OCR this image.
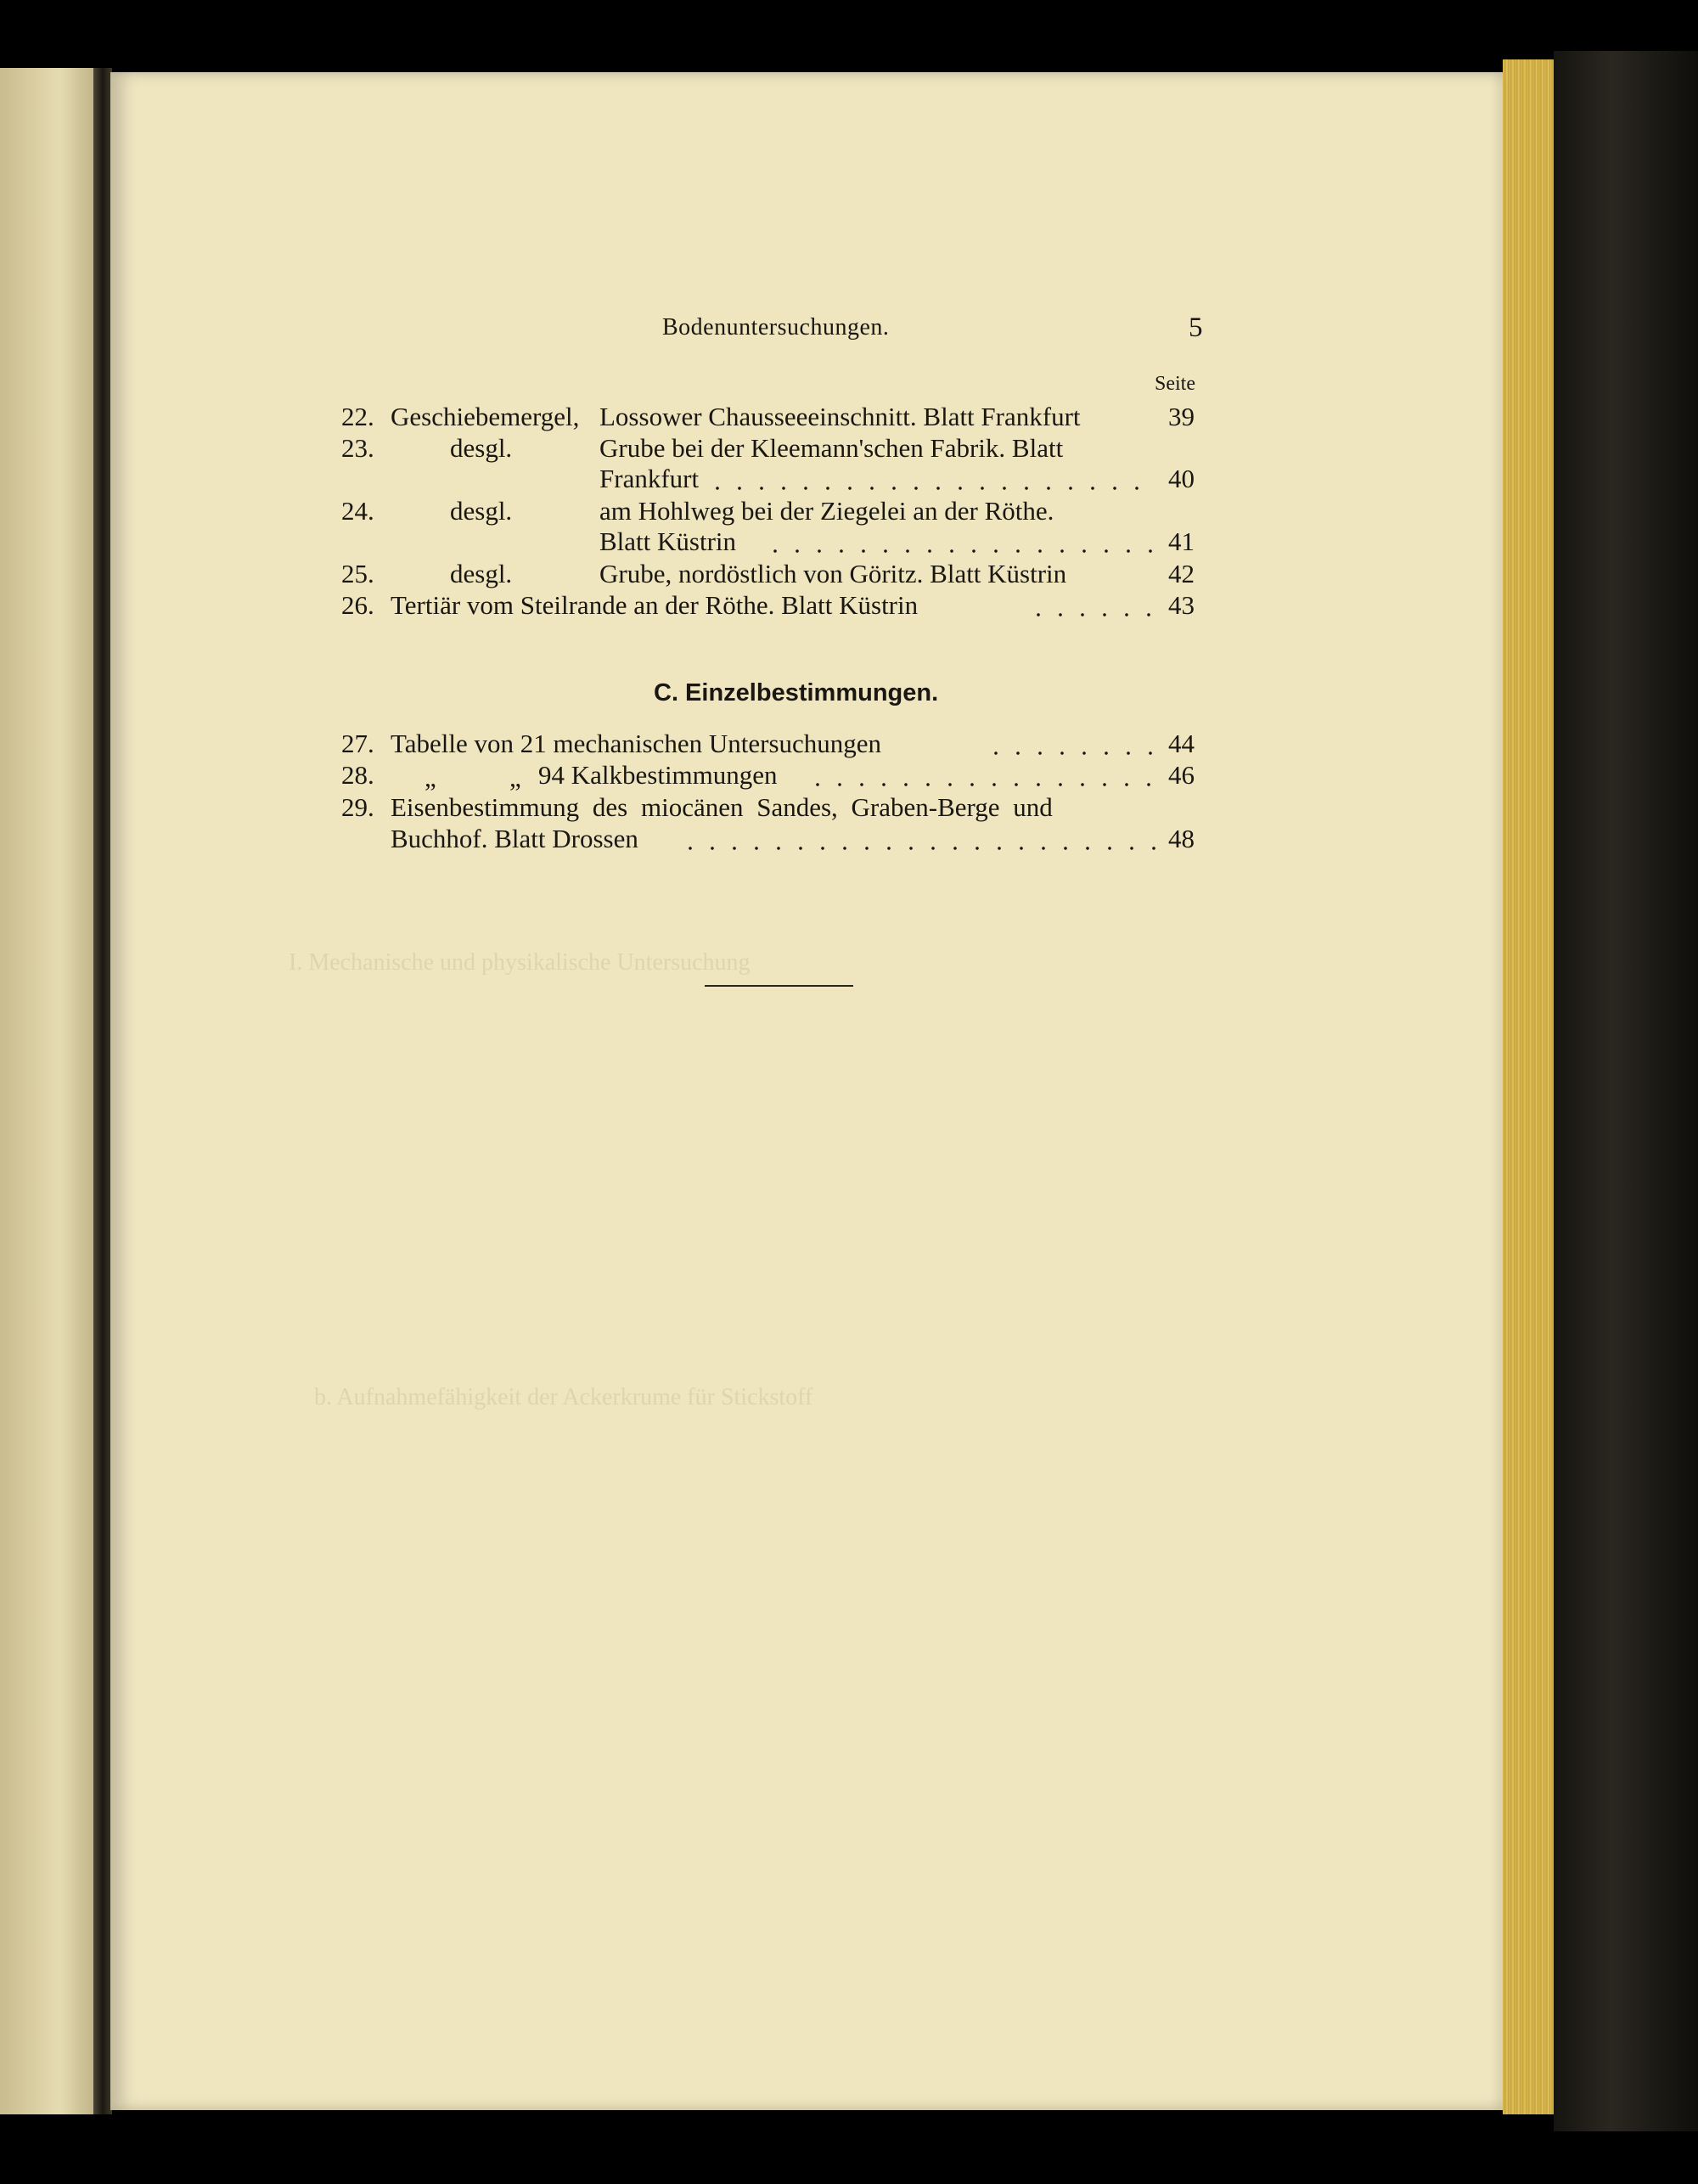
I. Mechanische und physikalische Untersuchung
b. Aufnahmefähigkeit der Ackerkrume für Stickstoff
Bodenuntersuchungen.	5
Seite
22. Geschiebemergel, Lossower Chausseeeinschnitt. Blatt Frankfurt	39
23.	desgl.	Grube bei der Kleemann'schen Fabrik. Blatt
Frankfurt	40
24.	desgl.	am Hohlweg bei der Ziegelei an der Röthe.
Blatt Küstrin	41
25.	desgl.	Grube, nordöstlich von Göritz. Blatt Küstrin	42
26. Tertiär vom Steilrande an der Röthe. Blatt Küstrin	43
C. Einzelbestimmungen.
27. Tabelle von 21 mechanischen Untersuchungen	44
28. „	„ 94 Kalkbestimmungen	46
29. Eisenbestimmung des miocänen Sandes, Graben-Berge und
Buchhof. Blatt Drossen	48
